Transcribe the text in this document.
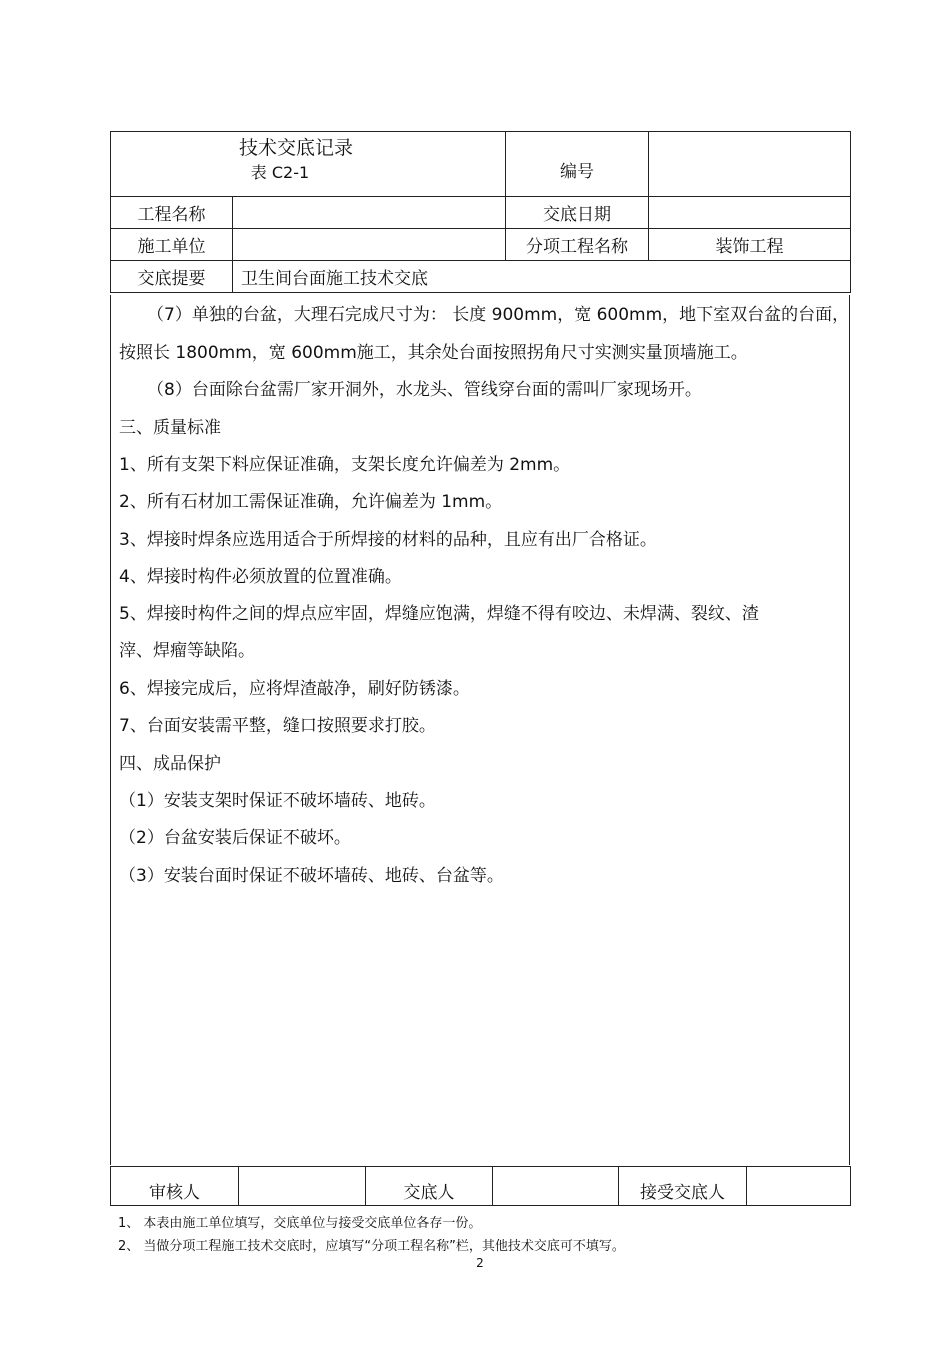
技术交底记录
表 C2-1		编号	
工程名称		交底日期	
施工单位		分项工程名称	装饰工程
交底提要	卫生间台面施工技术交底		
（7）单独的台盆，大理石完成尺寸为： 长度 900mm，宽 600mm，地下室双台盆的台面，
按照长 1800mm，宽 600mm施工，其余处台面按照拐角尺寸实测实量顶墙施工。
（8）台面除台盆需厂家开洞外，水龙头、管线穿台面的需叫厂家现场开。
三、质量标准
1、所有支架下料应保证准确，支架长度允许偏差为 2mm。
2、所有石材加工需保证准确，允许偏差为 1mm。
3、焊接时焊条应选用适合于所焊接的材料的品种，且应有出厂合格证。
4、焊接时构件必须放置的位置准确。
5、焊接时构件之间的焊点应牢固，焊缝应饱满，焊缝不得有咬边、未焊满、裂纹、渣
滓、焊瘤等缺陷。
6、焊接完成后，应将焊渣敲净，刷好防锈漆。
7、台面安装需平整，缝口按照要求打胶。
四、成品保护
（1）安装支架时保证不破坏墙砖、地砖。
（2）台盆安装后保证不破坏。
（3）安装台面时保证不破坏墙砖、地砖、台盆等。
审核人		交底人		接受交底人	
1、 本表由施工单位填写，交底单位与接受交底单位各存一份。
2、 当做分项工程施工技术交底时，应填写“分项工程名称”栏，其他技术交底可不填写。
2
